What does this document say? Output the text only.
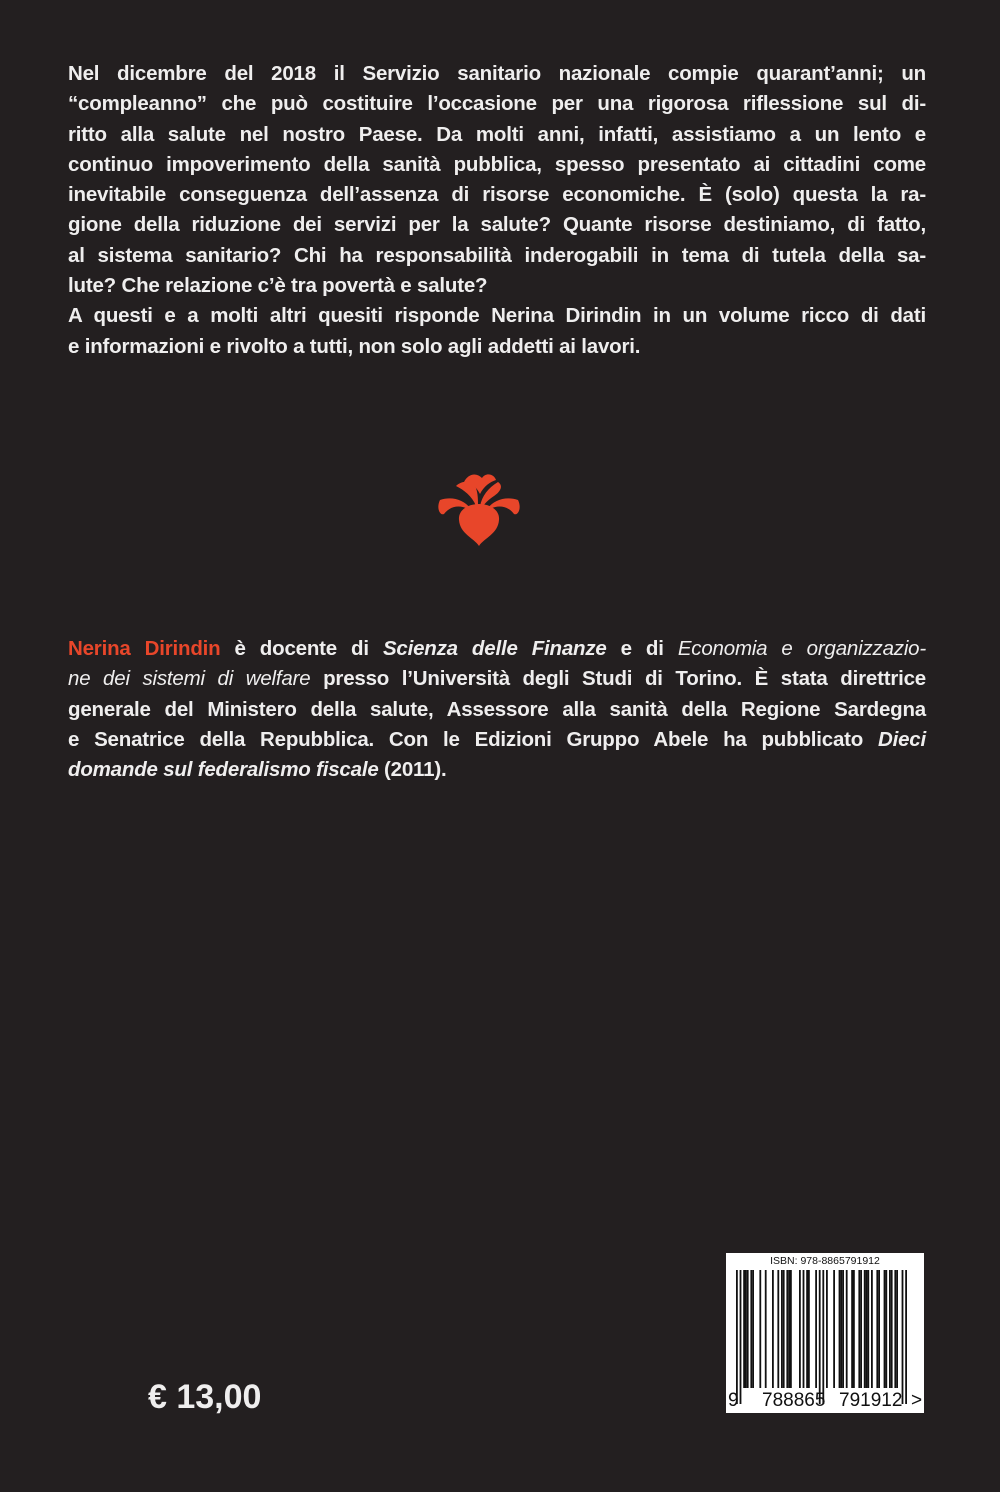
Nel dicembre del 2018 il Servizio sanitario nazionale compie quarant’anni; un
“compleanno” che può costituire l’occasione per una rigorosa riflessione sul di-
ritto alla salute nel nostro Paese. Da molti anni, infatti, assistiamo a un lento e
continuo impoverimento della sanità pubblica, spesso presentato ai cittadini come
inevitabile conseguenza dell’assenza di risorse economiche. È (solo) questa la ra-
gione della riduzione dei servizi per la salute? Quante risorse destiniamo, di fatto,
al sistema sanitario? Chi ha responsabilità inderogabili in tema di tutela della sa-
lute? Che relazione c’è tra povertà e salute?
A questi e a molti altri quesiti risponde Nerina Dirindin in un volume ricco di dati
e informazioni e rivolto a tutti, non solo agli addetti ai lavori.
Nerina Dirindin è docente di Scienza delle Finanze e di Economia e organizzazio-
ne dei sistemi di welfare presso l’Università degli Studi di Torino. È stata direttrice
generale del Ministero della salute, Assessore alla sanità della Regione Sardegna
e Senatrice della Repubblica. Con le Edizioni Gruppo Abele ha pubblicato Dieci
domande sul federalismo fiscale (2011).
€ 13,00
ISBN: 978-8865791912
9 788865 791912 >
